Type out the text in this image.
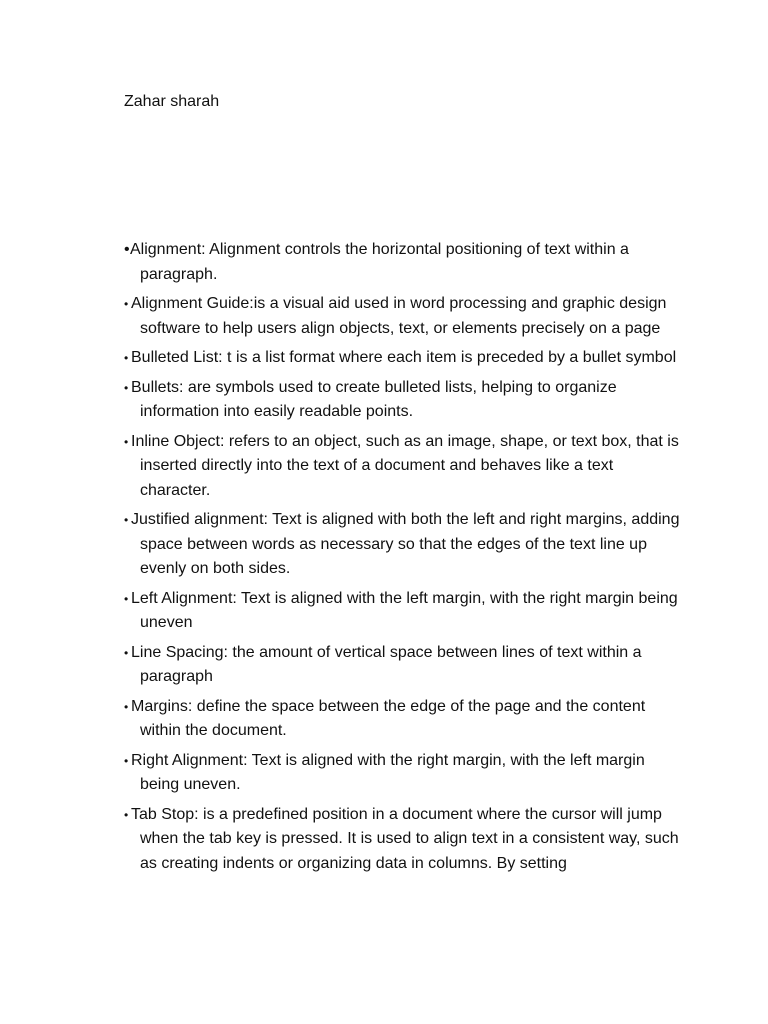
Zahar sharah

• Alignment: Alignment controls the horizontal positioning of text within a paragraph.
• Alignment Guide:is a visual aid used in word processing and graphic design software to help users align objects, text, or elements precisely on a page
• Bulleted List: t is a list format where each item is preceded by a bullet symbol
• Bullets: are symbols used to create bulleted lists, helping to organize information into easily readable points.
• Inline Object: refers to an object, such as an image, shape, or text box, that is inserted directly into the text of a document and behaves like a text character.
• Justified alignment: Text is aligned with both the left and right margins, adding space between words as necessary so that the edges of the text line up evenly on both sides.
• Left Alignment: Text is aligned with the left margin, with the right margin being uneven
• Line Spacing: the amount of vertical space between lines of text within a paragraph
• Margins: define the space between the edge of the page and the content within the document.
• Right Alignment: Text is aligned with the right margin, with the left margin being uneven.
• Tab Stop: is a predefined position in a document where the cursor will jump when the tab key is pressed. It is used to align text in a consistent way, such as creating indents or organizing data in columns. By setting
